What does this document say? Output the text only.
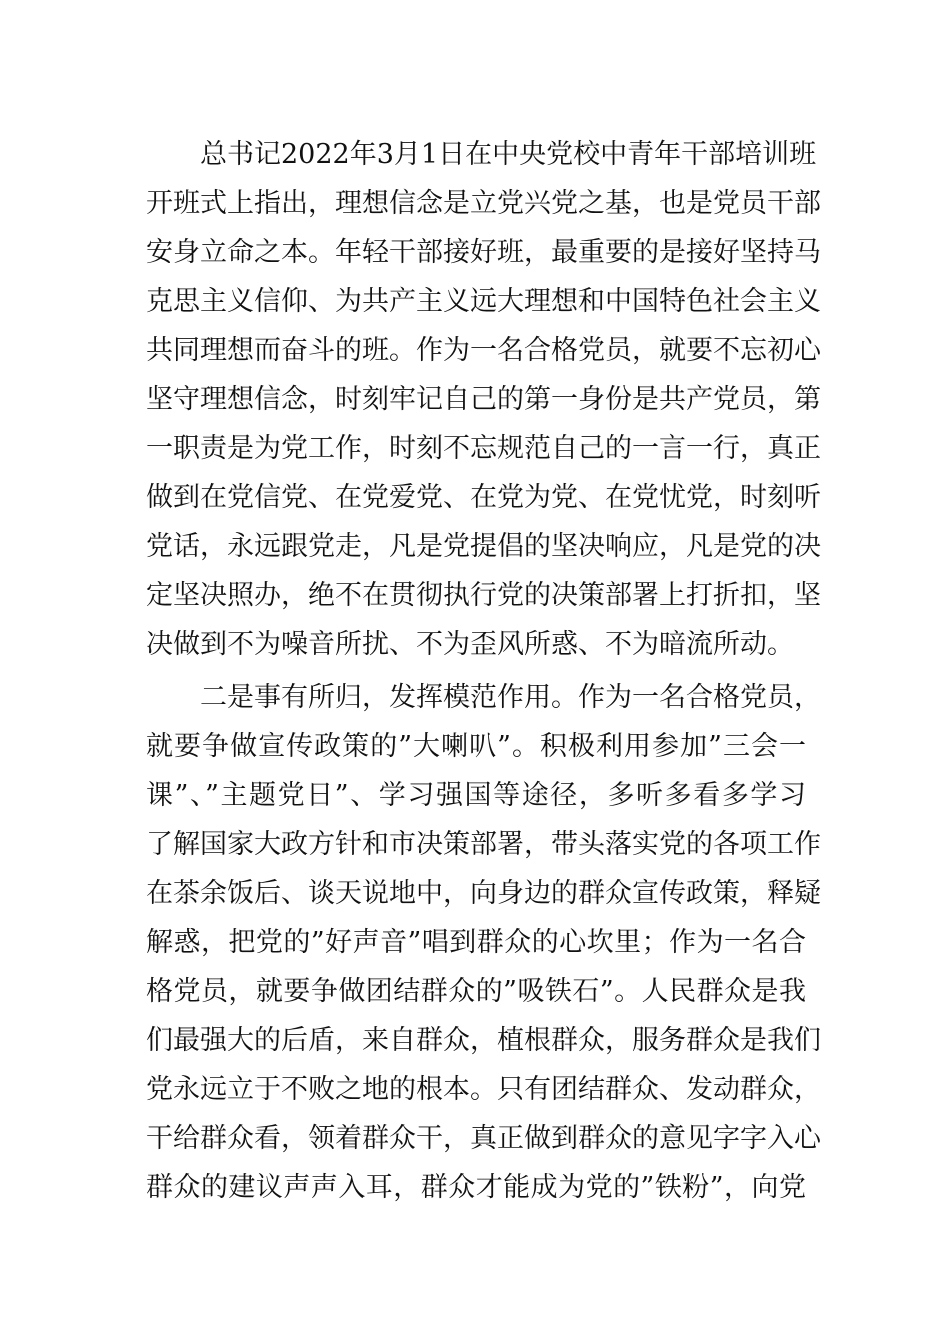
总书记2022年3月1日在中央党校中青年干部培训班
开班式上指出，理想信念是立党兴党之基，也是党员干部
安身立命之本。年轻干部接好班，最重要的是接好坚持马
克思主义信仰、为共产主义远大理想和中国特色社会主义
共同理想而奋斗的班。作为一名合格党员，就要不忘初心
坚守理想信念，时刻牢记自己的第一身份是共产党员，第
一职责是为党工作，时刻不忘规范自己的一言一行，真正
做到在党信党、在党爱党、在党为党、在党忧党，时刻听
党话，永远跟党走，凡是党提倡的坚决响应，凡是党的决
定坚决照办，绝不在贯彻执行党的决策部署上打折扣，坚
决做到不为噪音所扰、不为歪风所惑、不为暗流所动。
二是事有所归，发挥模范作用。作为一名合格党员，
就要争做宣传政策的”大喇叭”。积极利用参加”三会一
课”、”主题党日”、学习强国等途径，多听多看多学习
了解国家大政方针和市决策部署，带头落实党的各项工作
在茶余饭后、谈天说地中，向身边的群众宣传政策，释疑
解惑，把党的”好声音”唱到群众的心坎里；作为一名合
格党员，就要争做团结群众的”吸铁石”。人民群众是我
们最强大的后盾，来自群众，植根群众，服务群众是我们
党永远立于不败之地的根本。只有团结群众、发动群众，
干给群众看，领着群众干，真正做到群众的意见字字入心
群众的建议声声入耳，群众才能成为党的”铁粉”，向党
